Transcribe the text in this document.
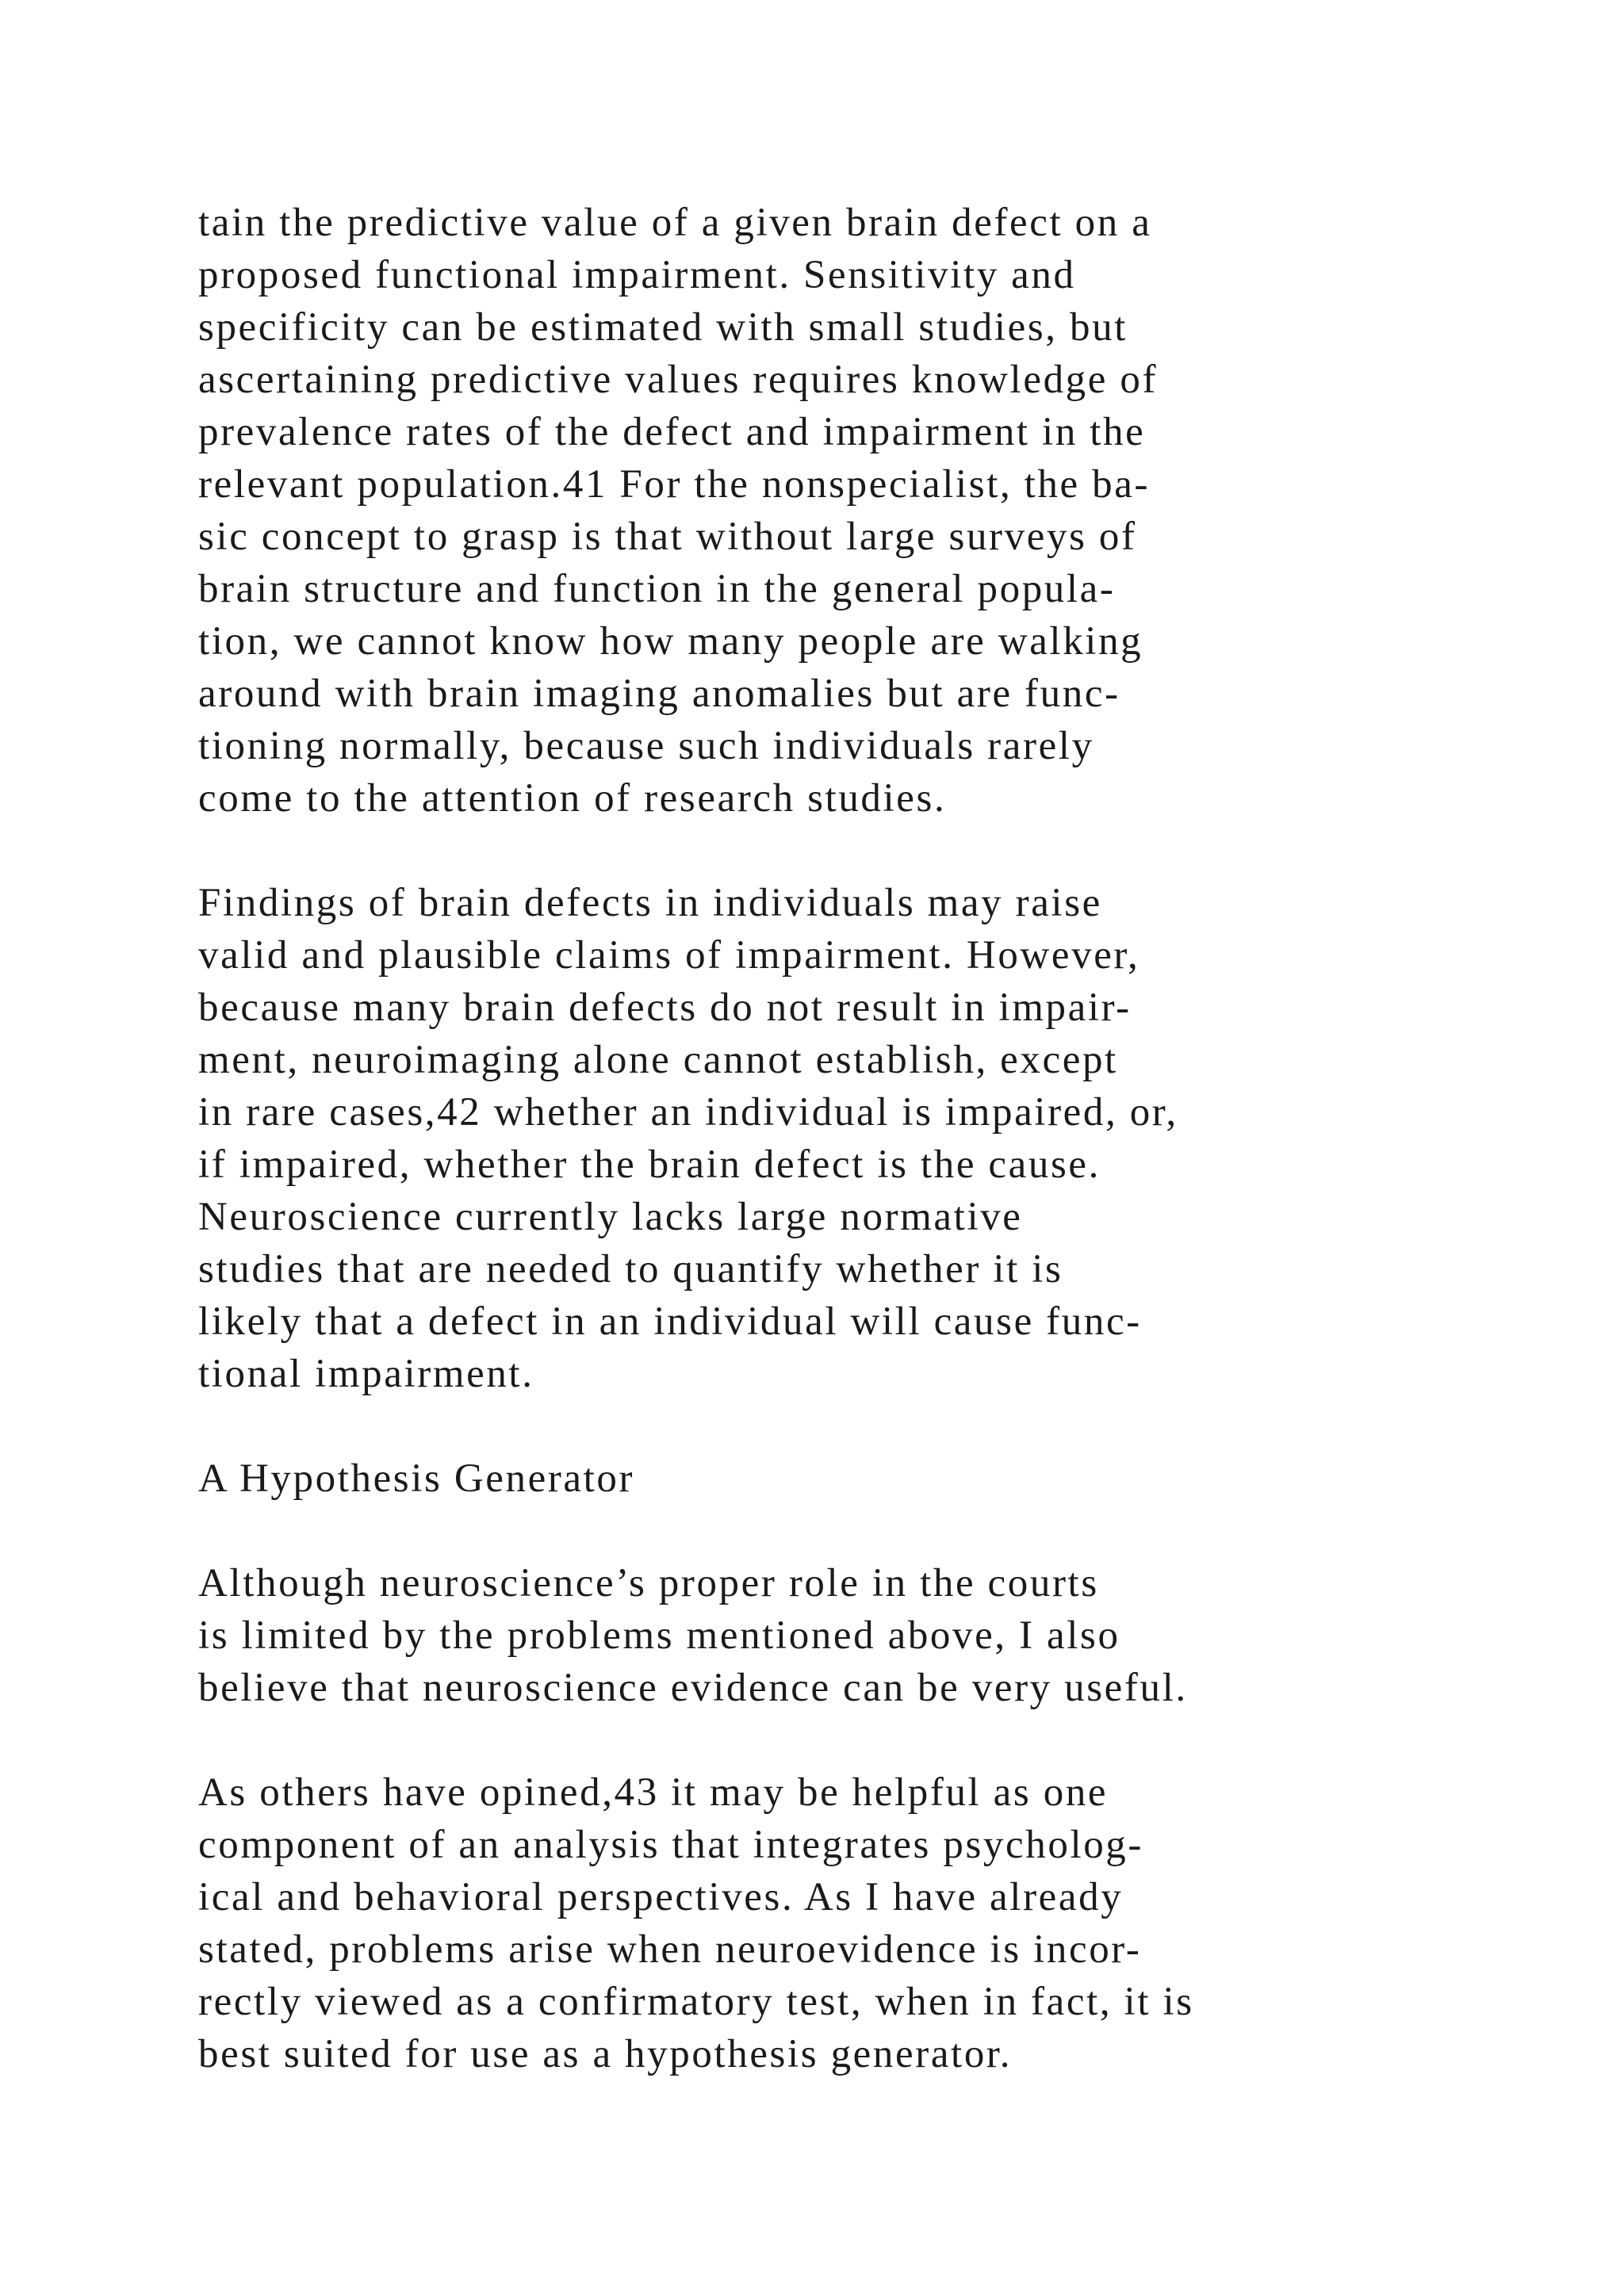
tain the predictive value of a given brain defect on a
proposed functional impairment. Sensitivity and
specificity can be estimated with small studies, but
ascertaining predictive values requires knowledge of
prevalence rates of the defect and impairment in the
relevant population.41 For the nonspecialist, the ba-
sic concept to grasp is that without large surveys of
brain structure and function in the general popula-
tion, we cannot know how many people are walking
around with brain imaging anomalies but are func-
tioning normally, because such individuals rarely
come to the attention of research studies.
Findings of brain defects in individuals may raise
valid and plausible claims of impairment. However,
because many brain defects do not result in impair-
ment, neuroimaging alone cannot establish, except
in rare cases,42 whether an individual is impaired, or,
if impaired, whether the brain defect is the cause.
Neuroscience currently lacks large normative
studies that are needed to quantify whether it is
likely that a defect in an individual will cause func-
tional impairment.
A Hypothesis Generator
Although neuroscience’s proper role in the courts
is limited by the problems mentioned above, I also
believe that neuroscience evidence can be very useful.
As others have opined,43 it may be helpful as one
component of an analysis that integrates psycholog-
ical and behavioral perspectives. As I have already
stated, problems arise when neuroevidence is incor-
rectly viewed as a confirmatory test, when in fact, it is
best suited for use as a hypothesis generator.
